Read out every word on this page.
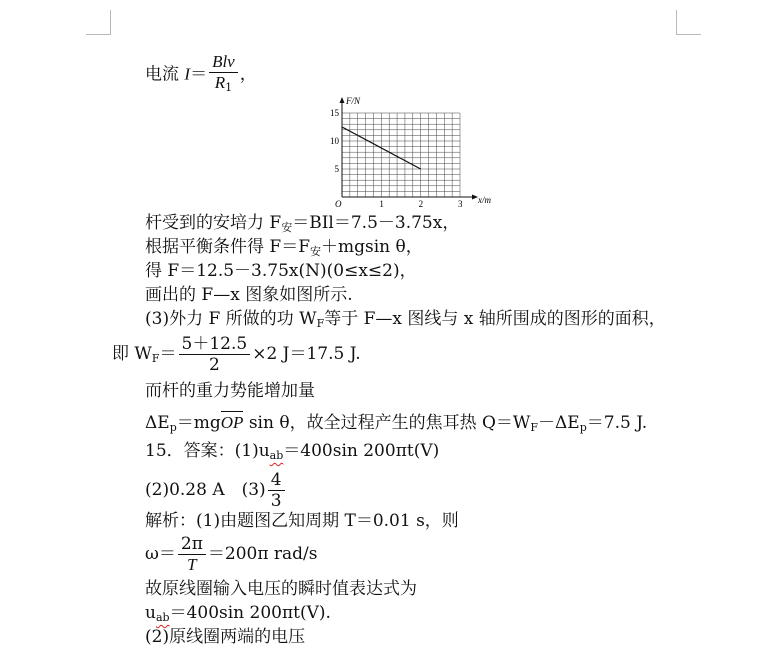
电流 $I= \frac{\text{Blv}}{R_1}$ ，
O	1	2	3
5
10
15
F/N
x/m
杆受到的安培力 $F_安=BIl=7.5-3.75x$，
根据平衡条件得 $F=F_安+mgsin$ θ，
得 F＝12.5－3.75x(N)(0≤x≤2)，
画出的 F—x 图象如图所示.
(3)外力 F 所做的功 $W_F$等于 F—x 图线与 x 轴所围成的图形的面积，
即 $W_F= \frac{5+12.5}{2} \times 2$ J＝17.5 J.
而杆的重力势能增加量
$\Delta E_p=mgOP$ sin θ，故全过程产生的焦耳热 $Q=W_F-\Delta E_p=7.5$ J.
15．答案：$(1)u_{ab}=400\sin$ 200πt(V)
(2)0.28 A　$(3) \frac{4}{3}$
解析：(1)由题图乙知周期 T＝0.01 s，则
$\omega= \frac{2\pi}{T} =200\pi$ rad/s
故原线圈输入电压的瞬时值表达式为
$u_{ab}=400\sin$ 200πt(V).
(2)原线圈两端的电压
